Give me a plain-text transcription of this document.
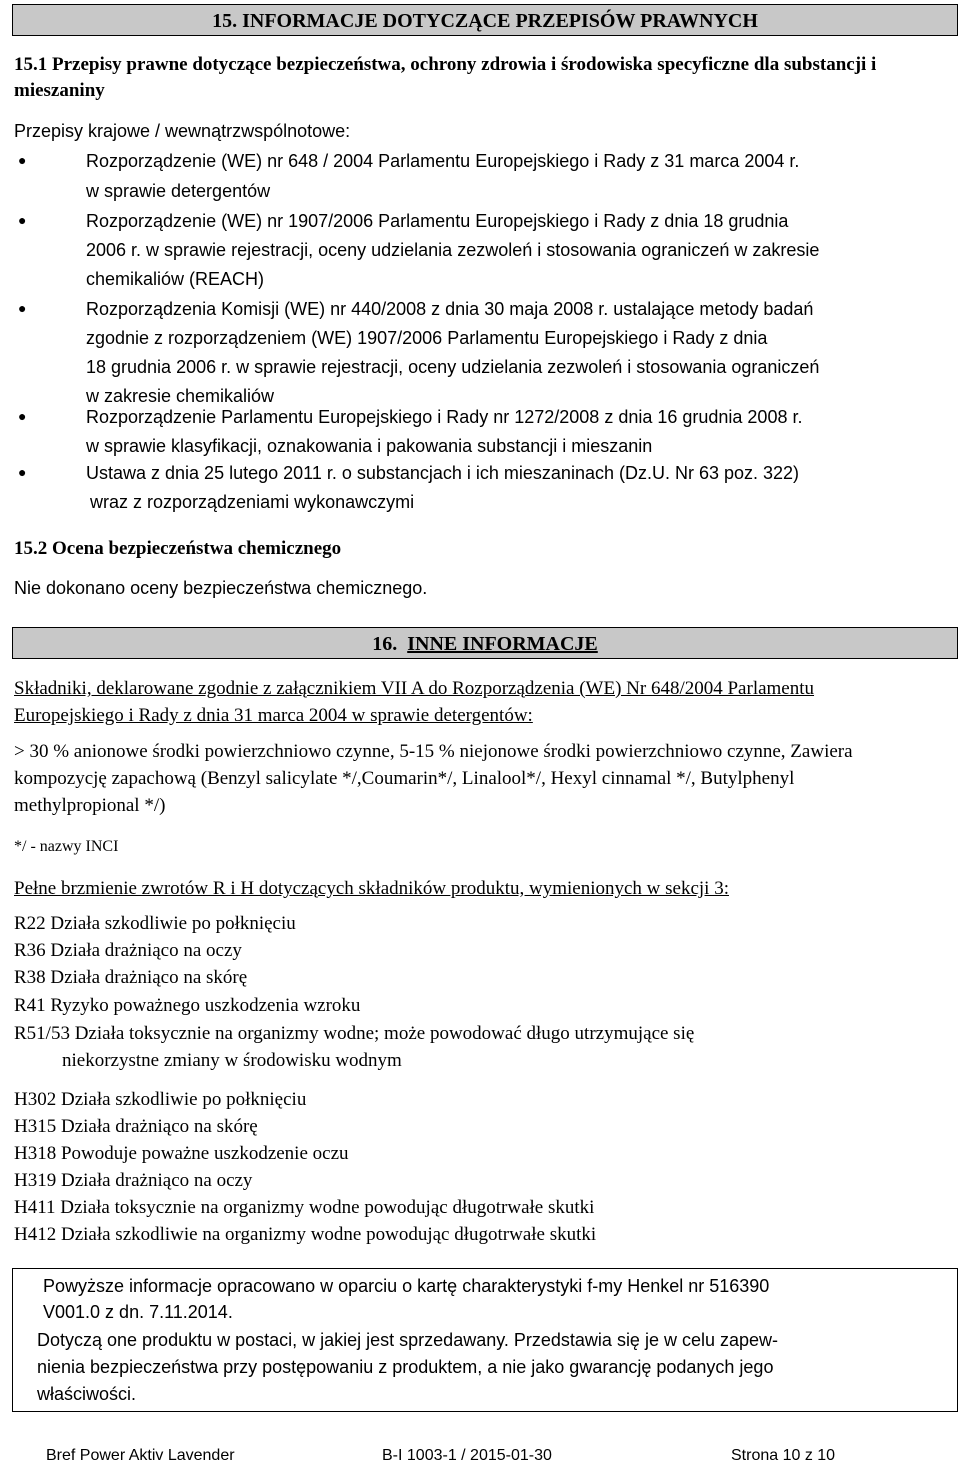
15. INFORMACJE DOTYCZĄCE PRZEPISÓW PRAWNYCH
15.1 Przepisy prawne dotyczące bezpieczeństwa, ochrony zdrowia i środowiska specyficzne dla substancji i mieszaniny
Przepisy krajowe / wewnątrzwspólnotowe:
●	Rozporządzenie (WE) nr 648 / 2004 Parlamentu Europejskiego i Rady z 31 marca 2004 r.
w sprawie detergentów
●	Rozporządzenie (WE) nr 1907/2006 Parlamentu Europejskiego i Rady z dnia 18 grudnia
2006 r. w sprawie rejestracji, oceny udzielania zezwoleń i stosowania ograniczeń w zakresie
chemikaliów (REACH)
●	Rozporządzenia Komisji (WE) nr 440/2008 z dnia 30 maja 2008 r. ustalające metody badań
zgodnie z rozporządzeniem (WE) 1907/2006 Parlamentu Europejskiego i Rady z dnia
18 grudnia 2006 r. w sprawie rejestracji, oceny udzielania zezwoleń i stosowania ograniczeń
w zakresie chemikaliów
●	Rozporządzenie Parlamentu Europejskiego i Rady nr 1272/2008 z dnia 16 grudnia 2008 r.
w sprawie klasyfikacji, oznakowania i pakowania substancji i mieszanin
●	Ustawa z dnia 25 lutego 2011 r. o substancjach i ich mieszaninach (Dz.U. Nr 63 poz. 322)
wraz z rozporządzeniami wykonawczymi
15.2 Ocena bezpieczeństwa chemicznego
Nie dokonano oceny bezpieczeństwa chemicznego.
16. INNE INFORMACJE
Składniki, deklarowane zgodnie z załącznikiem VII A do Rozporządzenia (WE) Nr 648/2004 Parlamentu Europejskiego i Rady z dnia 31 marca 2004 w sprawie detergentów:
> 30 % anionowe środki powierzchniowo czynne, 5-15 % niejonowe środki powierzchniowo czynne, Zawiera kompozycję zapachową (Benzyl salicylate */,Coumarin*/, Linalool*/, Hexyl cinnamal */, Butylphenyl methylpropional */)
*/ - nazwy INCI
Pełne brzmienie zwrotów R i H dotyczących składników produktu, wymienionych w sekcji 3:
R22 Działa szkodliwie po połknięciu
R36 Działa drażniąco na oczy
R38 Działa drażniąco na skórę
R41 Ryzyko poważnego uszkodzenia wzroku
R51/53 Działa toksycznie na organizmy wodne; może powodować długo utrzymujące się
niekorzystne zmiany w środowisku wodnym
H302 Działa szkodliwie po połknięciu
H315 Działa drażniąco na skórę
H318 Powoduje poważne uszkodzenie oczu
H319 Działa drażniąco na oczy
H411 Działa toksycznie na organizmy wodne powodując długotrwałe skutki
H412 Działa szkodliwie na organizmy wodne powodując długotrwałe skutki
Powyższe informacje opracowano w oparciu o kartę charakterystyki f-my Henkel nr 516390
V001.0 z dn. 7.11.2014.
Dotyczą one produktu w postaci, w jakiej jest sprzedawany. Przedstawia się je w celu zapew-
nienia bezpieczeństwa przy postępowaniu z produktem, a nie jako gwarancję podanych jego
właściwości.
Bref Power Aktiv Lavender	B-I 1003-1 / 2015-01-30	Strona 10 z 10
